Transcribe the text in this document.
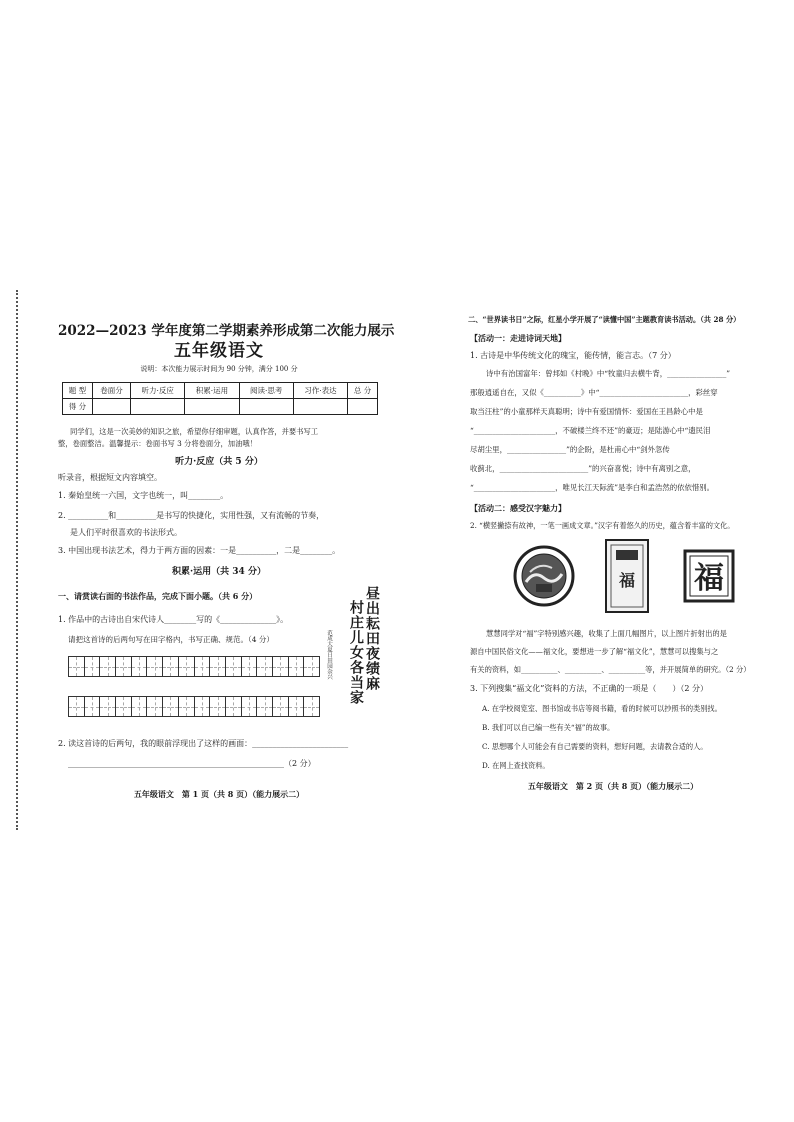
2022—2023 学年度第二学期素养形成第二次能力展示
五年级语文
说明：本次能力展示时间为 90 分钟，满分 100 分
题 型	卷面分	听力·反应	积累·运用	阅读·思考	习作·表达	总 分
得 分						
同学们，这是一次美妙的知识之旅，希望你仔细审题，认真作答，并要书写工
整，卷面整洁。温馨提示：卷面书写 3 分将卷面分，加油哦！
听力·反应（共 5 分）
听录音，根据短文内容填空。
1. 秦始皇统一六国，文字也统一，叫________。
2. __________和__________是书写的快捷化，实用性强，又有流畅的节奏，
是人们平时很喜欢的书法形式。
3. 中国出现书法艺术，得力于两方面的因素：一是__________，二是________。
积累·运用（共 34 分）
一、请赏读右面的书法作品，完成下面小题。（共 6 分）
1. 作品中的古诗出自宋代诗人________写的《______________》。
请把这首诗的后两句写在田字格内，书写正确、规范。（4 分）	昼出耘田夜绩麻
村庄儿女各当家
范成大夏日田园杂兴
2. 读这首诗的后两句，我的眼前浮现出了这样的画面：________________________
______________________________________________________（2 分）
五年级语文　第 1 页（共 8 页）（能力展示二）
二、“世界读书日”之际，红星小学开展了“读懂中国”主题教育读书活动。（共 28 分）
【活动一：走进诗词天地】
1. 古诗是中华传统文化的瑰宝，能传情，能言志。（7 分）
诗中有治国富年：曾邦如《村晚》中“牧童归去横牛背，________________”
那般逍遥自在，又似《__________》中“________________________，彩丝穿
取当汪柱”的小童那样天真聪明；诗中有爱国情怀：爱国在王昌龄心中是
“______________________，不破楼兰终不还”的豪迈；是陆游心中“遗民泪
尽胡尘里，________________”的企盼，是杜甫心中“剑外忽传
收蓟北，________________________”的兴奋喜悦；诗中有离别之意，
“______________________，唯见长江天际流”是李白和孟浩然的依依惜别。
【活动二：感受汉字魅力】
2. “横竖撇捺有故神，一笔一画成文章。”汉字有着悠久的历史，蕴含着丰富的文化。
福 福
慧慧同学对“福”字特别感兴趣，收集了上面几幅图片，以上图片折射出的是
源自中国民俗文化——福文化，要想进一步了解“福文化”，慧慧可以搜集与之
有关的资料，如__________、__________、__________等，并开展简单的研究。（2 分）
3. 下列搜集“福文化”资料的方法，不正确的一项是（　　）（2 分）
A. 在学校阅览室、图书馆或书店等阅书籍，看的时候可以抄照书的类别找。
B. 我们可以自己编一些有关“福”的故事。
C. 思想哪个人可能会有自己需要的资料，想好问题，去请教合适的人。
D. 在网上查找资料。
五年级语文　第 2 页（共 8 页）（能力展示二）
